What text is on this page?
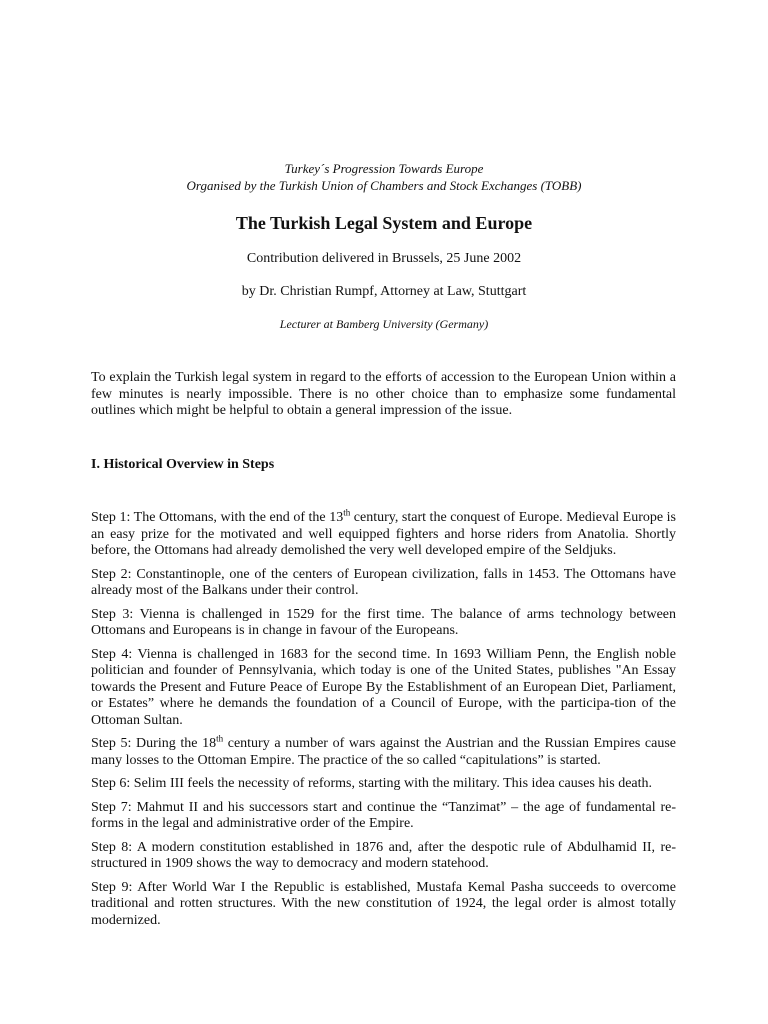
Turkey´s Progression Towards Europe
Organised by the Turkish Union of Chambers and Stock Exchanges (TOBB)
The Turkish Legal System and Europe
Contribution delivered in Brussels, 25 June 2002
by Dr. Christian Rumpf, Attorney at Law, Stuttgart
Lecturer at Bamberg University (Germany)

To explain the Turkish legal system in regard to the efforts of accession to the European Union within a few minutes is nearly impossible. There is no other choice than to emphasize some fundamental outlines which might be helpful to obtain a general impression of the issue.

I. Historical Overview in Steps

Step 1: The Ottomans, with the end of the 13th century, start the conquest of Europe. Medieval Europe is an easy prize for the motivated and well equipped fighters and horse riders from Anatolia. Shortly before, the Ottomans had already demolished the very well developed empire of the Seldjuks.

Step 2: Constantinople, one of the centers of European civilization, falls in 1453. The Ottomans have already most of the Balkans under their control.

Step 3: Vienna is challenged in 1529 for the first time. The balance of arms technology between Ottomans and Europeans is in change in favour of the Europeans.

Step 4: Vienna is challenged in 1683 for the second time. In 1693 William Penn, the English noble politician and founder of Pennsylvania, which today is one of the United States, publishes "An Essay towards the Present and Future Peace of Europe By the Establishment of an European Diet, Parliament, or Estates” where he demands the foundation of a Council of Europe, with the participa-tion of the Ottoman Sultan.

Step 5: During the 18th century a number of wars against the Austrian and the Russian Empires cause many losses to the Ottoman Empire. The practice of the so called “capitulations” is started.

Step 6: Selim III feels the necessity of reforms, starting with the military. This idea causes his death.

Step 7: Mahmut II and his successors start and continue the “Tanzimat” – the age of fundamental re-forms in the legal and administrative order of the Empire.

Step 8: A modern constitution established in 1876 and, after the despotic rule of Abdulhamid II, re-structured in 1909 shows the way to democracy and modern statehood.

Step 9: After World War I the Republic is established, Mustafa Kemal Pasha succeeds to overcome traditional and rotten structures. With the new constitution of 1924, the legal order is almost totally modernized.
